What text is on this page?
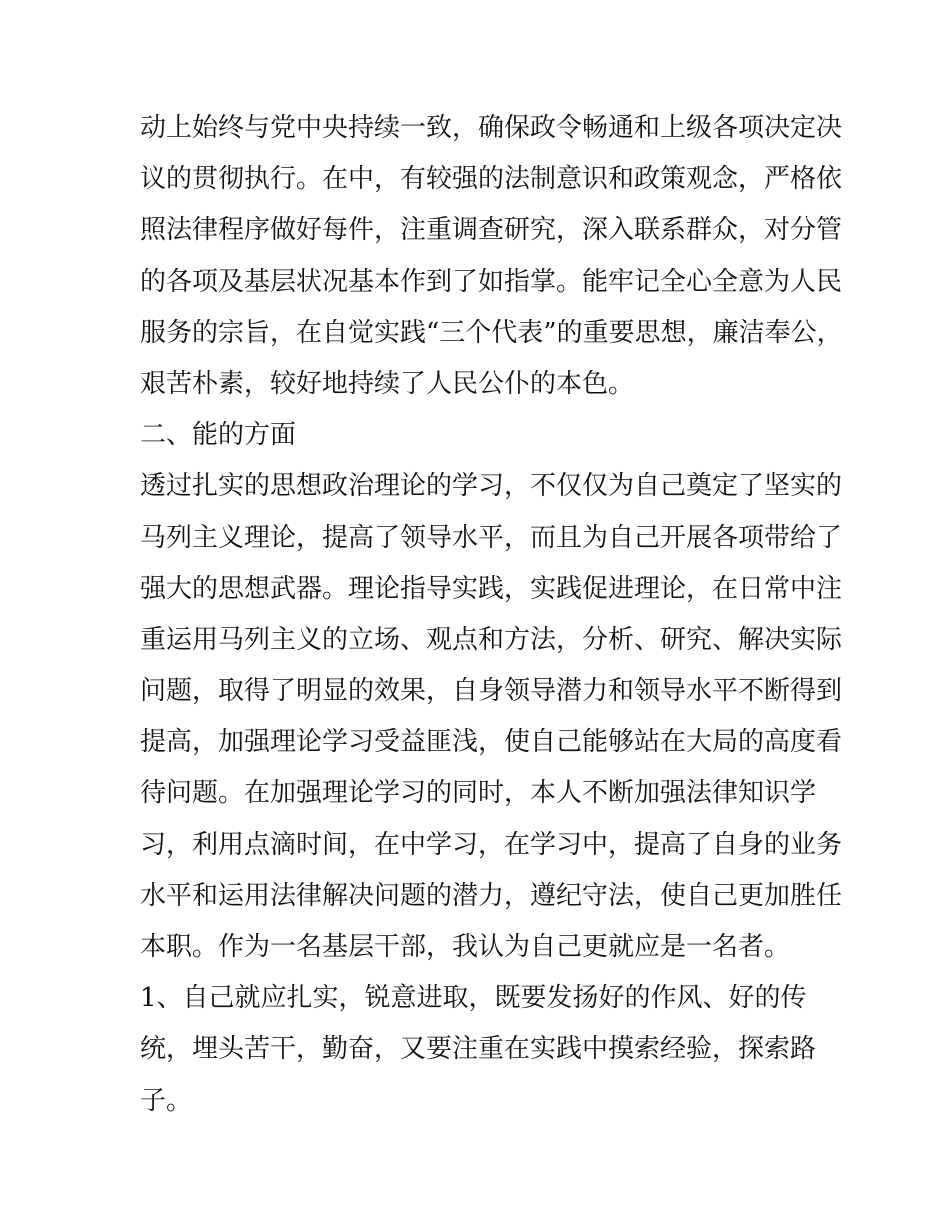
动上始终与党中央持续一致，确保政令畅通和上级各项决定决
议的贯彻执行。在中，有较强的法制意识和政策观念，严格依
照法律程序做好每件，注重调查研究，深入联系群众，对分管
的各项及基层状况基本作到了如指掌。能牢记全心全意为人民
服务的宗旨，在自觉实践“三个代表”的重要思想，廉洁奉公，
艰苦朴素，较好地持续了人民公仆的本色。
二、能的方面
透过扎实的思想政治理论的学习，不仅仅为自己奠定了坚实的
马列主义理论，提高了领导水平，而且为自己开展各项带给了
强大的思想武器。理论指导实践，实践促进理论，在日常中注
重运用马列主义的立场、观点和方法，分析、研究、解决实际
问题，取得了明显的效果，自身领导潜力和领导水平不断得到
提高，加强理论学习受益匪浅，使自己能够站在大局的高度看
待问题。在加强理论学习的同时，本人不断加强法律知识学
习，利用点滴时间，在中学习，在学习中，提高了自身的业务
水平和运用法律解决问题的潜力，遵纪守法，使自己更加胜任
本职。作为一名基层干部，我认为自己更就应是一名者。
1、自己就应扎实，锐意进取，既要发扬好的作风、好的传
统，埋头苦干，勤奋，又要注重在实践中摸索经验，探索路
子。
